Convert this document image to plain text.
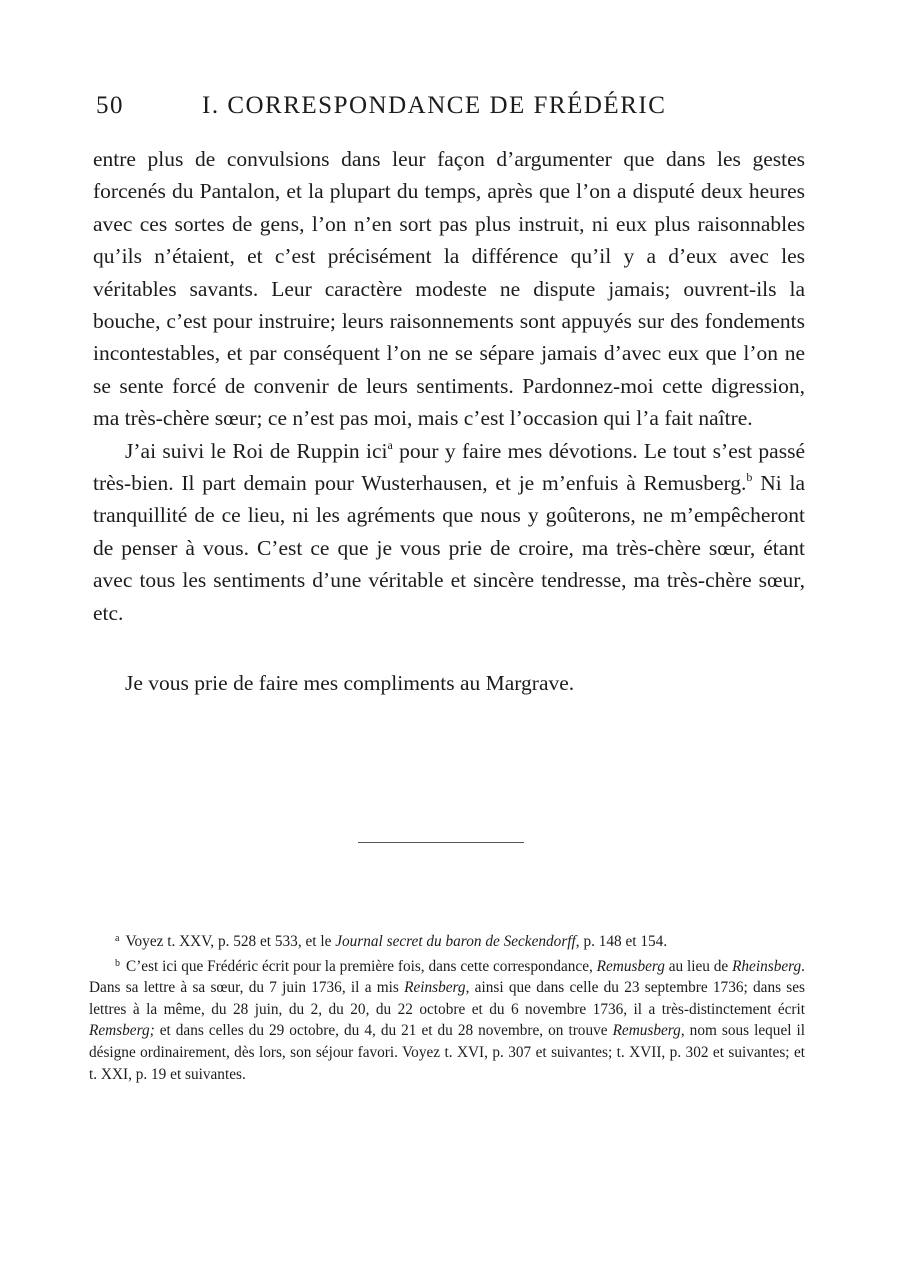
50	I. CORRESPONDANCE DE FRÉDÉRIC

entre plus de convulsions dans leur façon d’argumenter que dans les gestes forcenés du Pantalon, et la plupart du temps, après que l’on a disputé deux heures avec ces sortes de gens, l’on n’en sort pas plus instruit, ni eux plus raisonnables qu’ils n’étaient, et c’est précisément la différence qu’il y a d’eux avec les véritables savants. Leur caractère modeste ne dispute jamais; ouvrent-ils la bouche, c’est pour instruire; leurs raisonnements sont appuyés sur des fondements incontestables, et par conséquent l’on ne se sépare jamais d’avec eux que l’on ne se sente forcé de convenir de leurs sentiments. Pardonnez-moi cette digression, ma très-chère sœur; ce n’est pas moi, mais c’est l’occasion qui l’a fait naître.

J’ai suivi le Roi de Ruppin ici$^a$ pour y faire mes dévotions. Le tout s’est passé très-bien. Il part demain pour Wusterhausen, et je m’enfuis à Remusberg.$^b$ Ni la tranquillité de ce lieu, ni les agréments que nous y goûterons, ne m’empêcheront de penser à vous. C’est ce que je vous prie de croire, ma très-chère sœur, étant avec tous les sentiments d’une véritable et sincère tendresse, ma très-chère sœur, etc.

Je vous prie de faire mes compliments au Margrave.

$^a$ Voyez t. XXV, p. 528 et 533, et le Journal secret du baron de Seckendorff, p. 148 et 154.

$^b$ C’est ici que Frédéric écrit pour la première fois, dans cette correspondance, Remusberg au lieu de Rheinsberg. Dans sa lettre à sa sœur, du 7 juin 1736, il a mis Reinsberg, ainsi que dans celle du 23 septembre 1736; dans ses lettres à la même, du 28 juin, du 2, du 20, du 22 octobre et du 6 novembre 1736, il a très-distinctement écrit Remsberg; et dans celles du 29 octobre, du 4, du 21 et du 28 novembre, on trouve Remusberg, nom sous lequel il désigne ordinairement, dès lors, son séjour favori. Voyez t. XVI, p. 307 et suivantes; t. XVII, p. 302 et suivantes; et t. XXI, p. 19 et suivantes.
